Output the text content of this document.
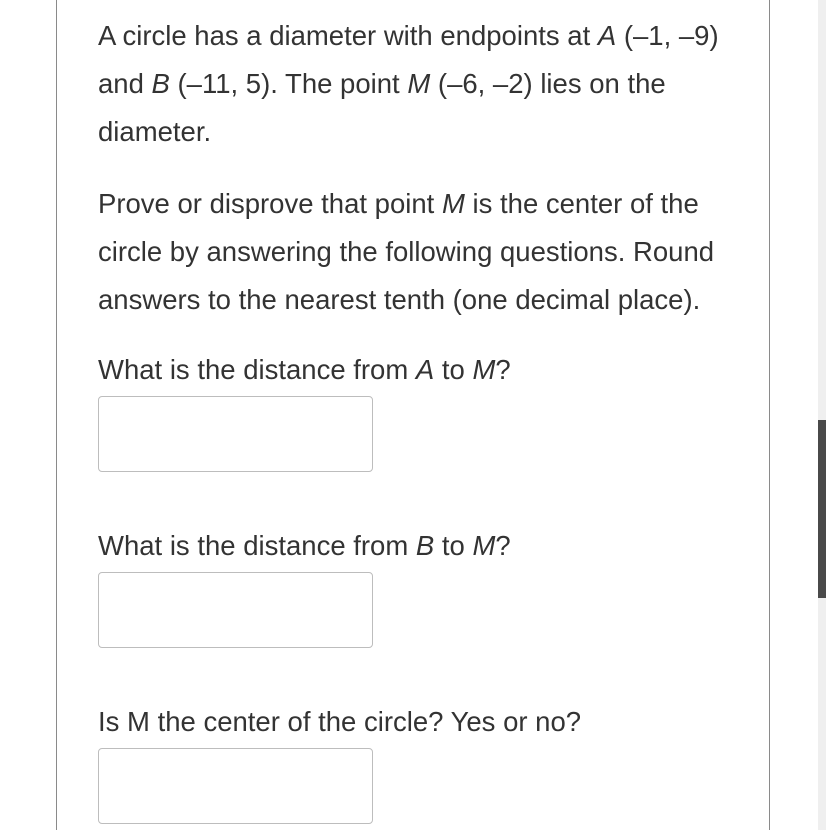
A circle has a diameter with endpoints at A (–1, –9) and B (–11, 5). The point M (–6, –2) lies on the diameter.

Prove or disprove that point M is the center of the circle by answering the following questions. Round answers to the nearest tenth (one decimal place).

What is the distance from A to M?

What is the distance from B to M?

Is M the center of the circle? Yes or no?
